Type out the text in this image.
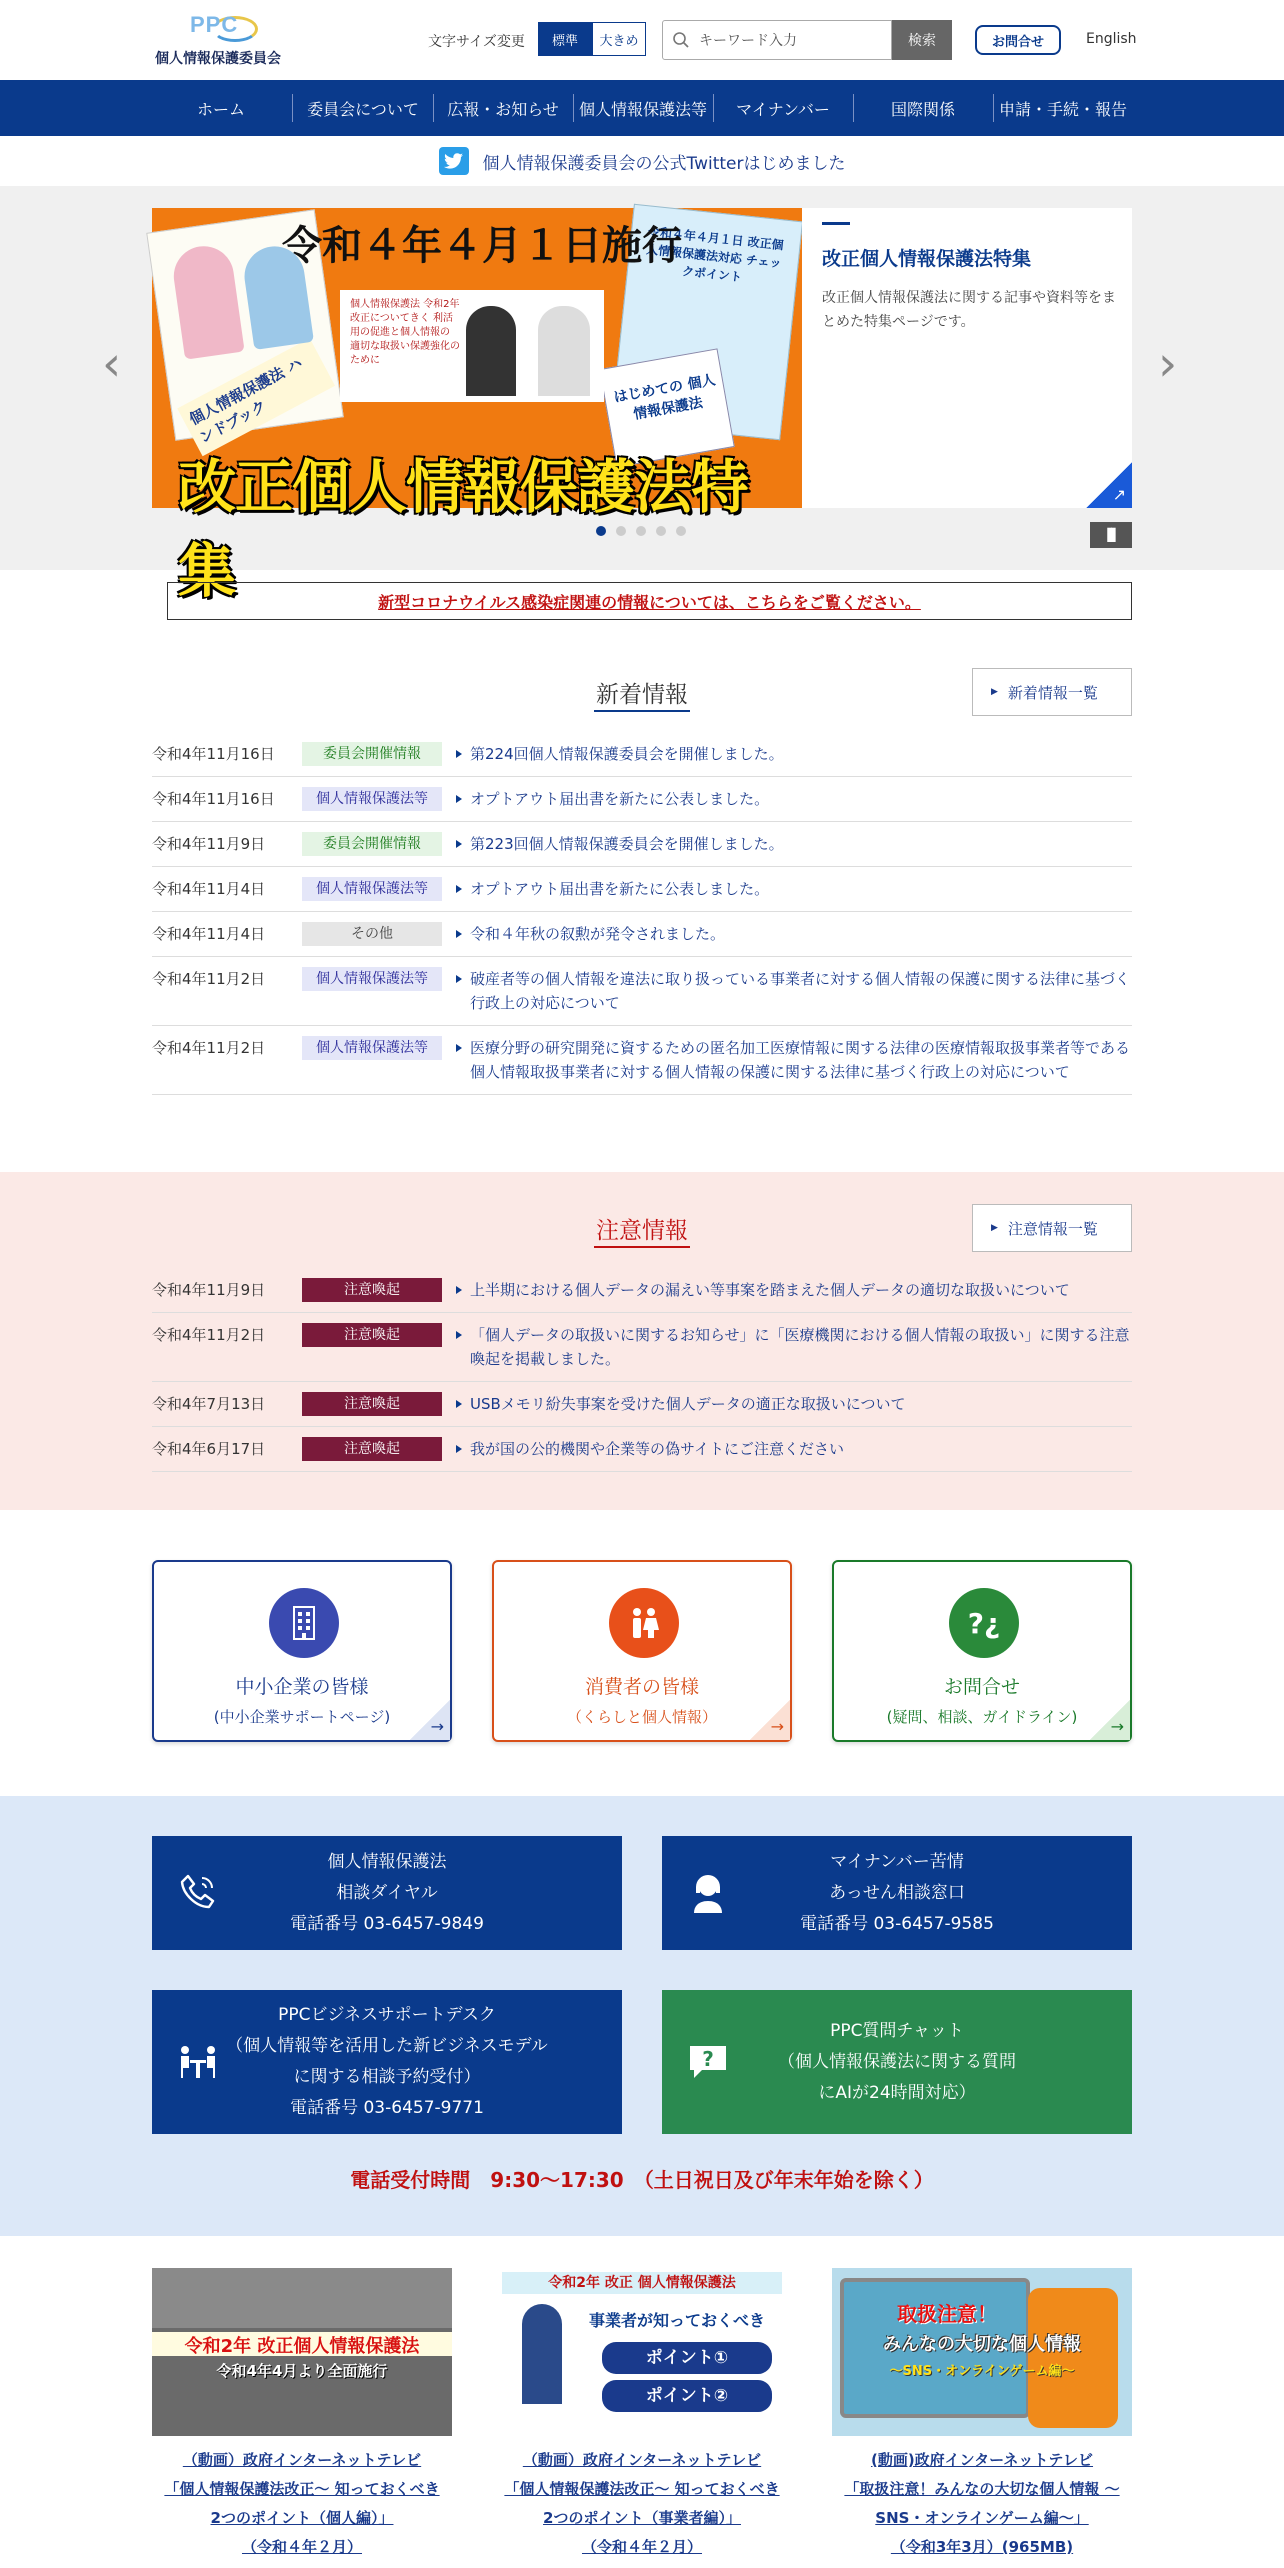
PPC
個人情報保護委員会
文字サイズ変更	標準	大きめ	キーワード入力	検索	お問合せ	English
ホーム	委員会について	広報・お知らせ	個人情報保護法等	マイナンバー	国際関係	申請・手続・報告
個人情報保護委員会の公式Twitterはじめました
‹	個人情報保護法 ハンドブック
令和４年４月１日 改正個人情報保護法対応 チェックポイント
はじめての 個人情報保護法
令和４年４月１日施行
個人情報保護法 令和2年改正についてきく 利活用の促進と個人情報の 適切な取扱い保護強化のために
改正個人情報保護法特集
改正個人情報保護法特集

改正個人情報保護法に関する記事や資料等をまとめた特集ページです。

↗
›
▐▌
新型コロナウイルス感染症関連の情報については、こちらをご覧ください。
新着情報	▶ 新着情報一覧
令和4年11月16日	委員会開催情報	第224回個人情報保護委員会を開催しました。
令和4年11月16日	個人情報保護法等	オプトアウト届出書を新たに公表しました。
令和4年11月9日	委員会開催情報	第223回個人情報保護委員会を開催しました。
令和4年11月4日	個人情報保護法等	オプトアウト届出書を新たに公表しました。
令和4年11月4日	その他	令和４年秋の叙勲が発令されました。
令和4年11月2日	個人情報保護法等	破産者等の個人情報を違法に取り扱っている事業者に対する個人情報の保護に関する法律に基づく行政上の対応について
令和4年11月2日	個人情報保護法等	医療分野の研究開発に資するための匿名加工医療情報に関する法律の医療情報取扱事業者等である個人情報取扱事業者に対する個人情報の保護に関する法律に基づく行政上の対応について
注意情報	▶ 注意情報一覧
令和4年11月9日	注意喚起	上半期における個人データの漏えい等事案を踏まえた個人データの適切な取扱いについて
令和4年11月2日	注意喚起	「個人データの取扱いに関するお知らせ」に「医療機関における個人情報の取扱い」に関する注意喚起を掲載しました。
令和4年7月13日	注意喚起	USBメモリ紛失事案を受けた個人データの適正な取扱いについて
令和4年6月17日	注意喚起	我が国の公的機関や企業等の偽サイトにご注意ください
中小企業の皆様
(中小企業サポートページ)	→
消費者の皆様
（くらしと個人情報）	→
?¿
お問合せ
(疑問、相談、ガイドライン)	→
個人情報保護法
相談ダイヤル
電話番号 03-6457-9849
マイナンバー苦情
あっせん相談窓口
電話番号 03-6457-9585
PPCビジネスサポートデスク
（個人情報等を活用した新ビジネスモデル
に関する相談予約受付）
電話番号 03-6457-9771
?
PPC質問チャット
（個人情報保護法に関する質問
にAIが24時間対応）
電話受付時間　9:30～17:30　（土日祝日及び年末年始を除く）
令和2年 改正個人情報保護法
令和4年4月より全面施行
（動画）政府インターネットテレビ
「個人情報保護法改正～ 知っておくべき
2つのポイント（個人編）」
（令和４年２月）
令和2年 改正 個人情報保護法
事業者が知っておくべき
ポイント①
ポイント②
（動画）政府インターネットテレビ
「個人情報保護法改正～ 知っておくべき
2つのポイント（事業者編）」
（令和４年２月）
取扱注意！
みんなの大切な個人情報
～SNS・オンラインゲーム編～
(動画)政府インターネットテレビ
「取扱注意！みんなの大切な個人情報 ～
SNS・オンラインゲーム編～」
（令和3年3月）(965MB)
